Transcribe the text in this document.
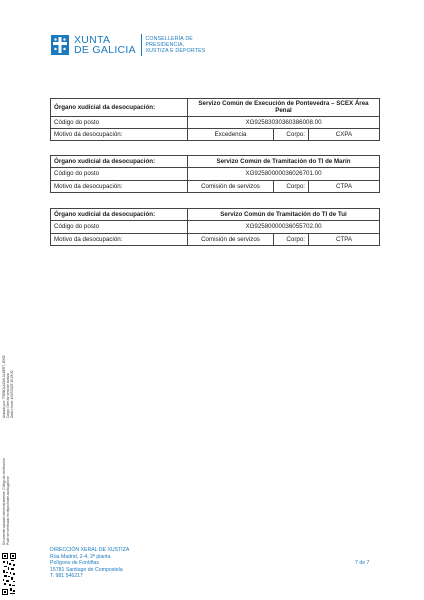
XUNTA
DE GALICIA
CONSELLERÍA DE
PRESIDENCIA,
XUSTIZA E DEPORTES
Órgano xudicial da desocupación:	Servizo Común de Execución de Pontevedra – SCEX Área Penal		
Código do posto	XG92583030360386008.00		
Motivo da desocupación:	Excedencia	Corpo:	CXPA
Órgano xudicial da desocupación:	Servizo Común de Tramitación do TI de Marín		
Código do posto	XG92580000036026701.00		
Motivo da desocupación:	Comisión de servizos	Corpo:	CTPA
Órgano xudicial da desocupación:	Servizo Común de Tramitación do TI de Tui		
Código do posto	XG92580000036055702.00		
Motivo da desocupación:	Comisión de servizos	Corpo:	CTPA
Asinado por: TREBOLAZAN ALBERT, JOSE Cargo: Director xeral de xustiza Data e hora: 19/07/2025 15:23:32
Documento asinado electronicamente. Código de verificación Pode ser verificado en https://sede.xunta.gal/cve
DIRECCIÓN XERAL DE XUSTIZA
Rúa Madrid, 2-4, 2ª planta
Polígono de Fontiñas
15781 Santiago de Compostela
T. 981 546217
7 de 7
